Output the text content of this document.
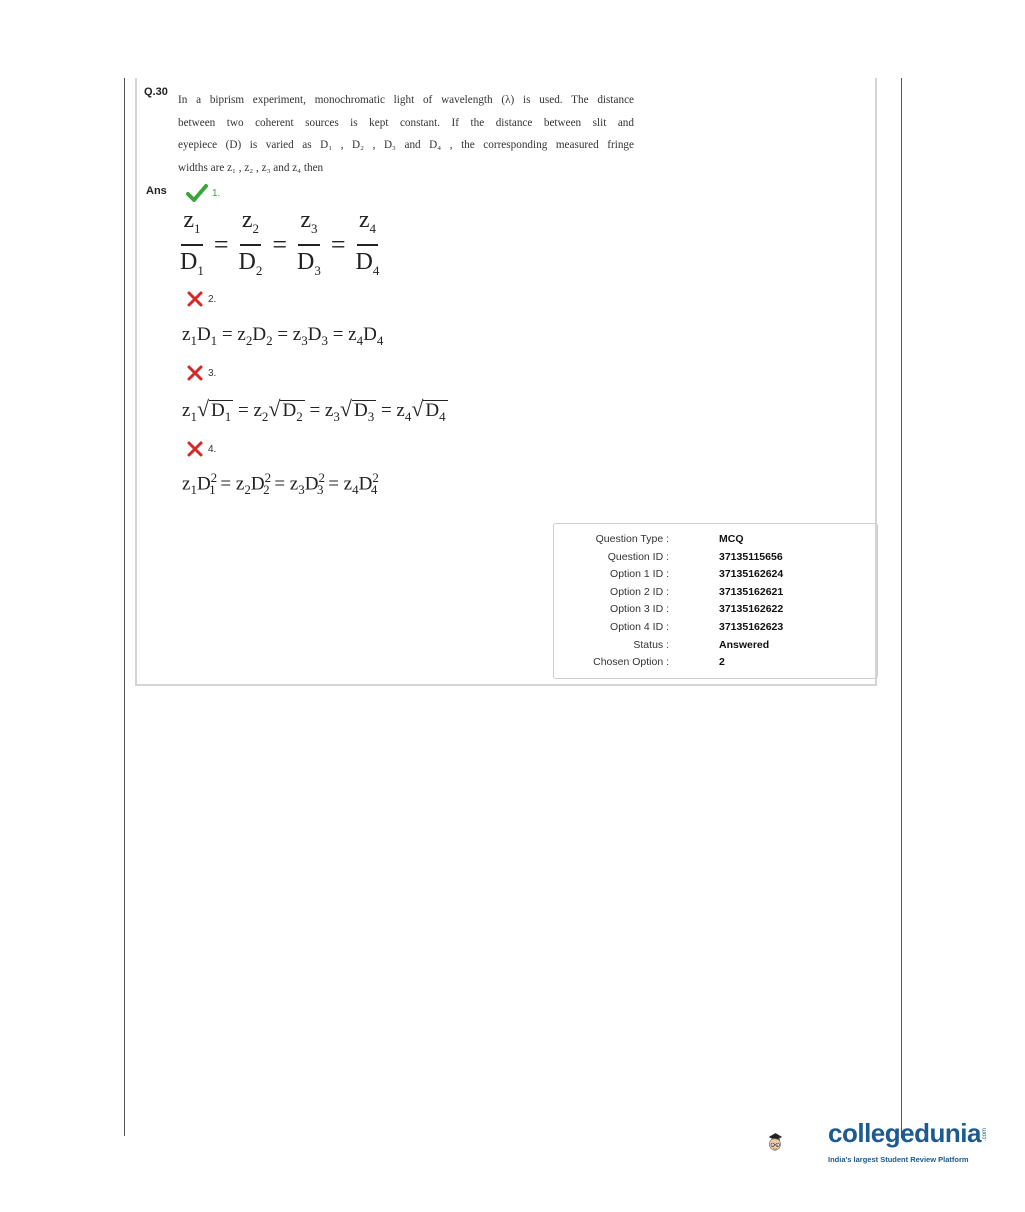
Q.30
In a biprism experiment, monochromatic light of wavelength (λ) is used. The distance
between two coherent sources is kept constant. If the distance between slit and
eyepiece (D) is varied as D₁ , D₂ , D₃ and D₄ , the corresponding measured fringe
widths are z₁ , z₂ , z₃ and z₄ then
Ans	1.
$\frac{z_1}{D_1} = \frac{z_2}{D_2} = \frac{z_3}{D_3} = \frac{z_4}{D_4}$
2.
$z_1D_1 = z_2D_2 = z_3D_3 = z_4D_4$
3.
$z_1√$ $D_1 = z_2√$ $D_2 = z_3√$ $D_3 = z_4√$ $D_4$
4.
$z_1D^2_1 = z_2D^2_2 = z_3D^2_3 = z_4D^2_4$
Question Type :	MCQ
Question ID :	37135115656
Option 1 ID :	37135162624
Option 2 ID :	37135162621
Option 3 ID :	37135162622
Option 4 ID :	37135162623
Status :	Answered
Chosen Option :	2
collegedunia .com
India's largest Student Review Platform
